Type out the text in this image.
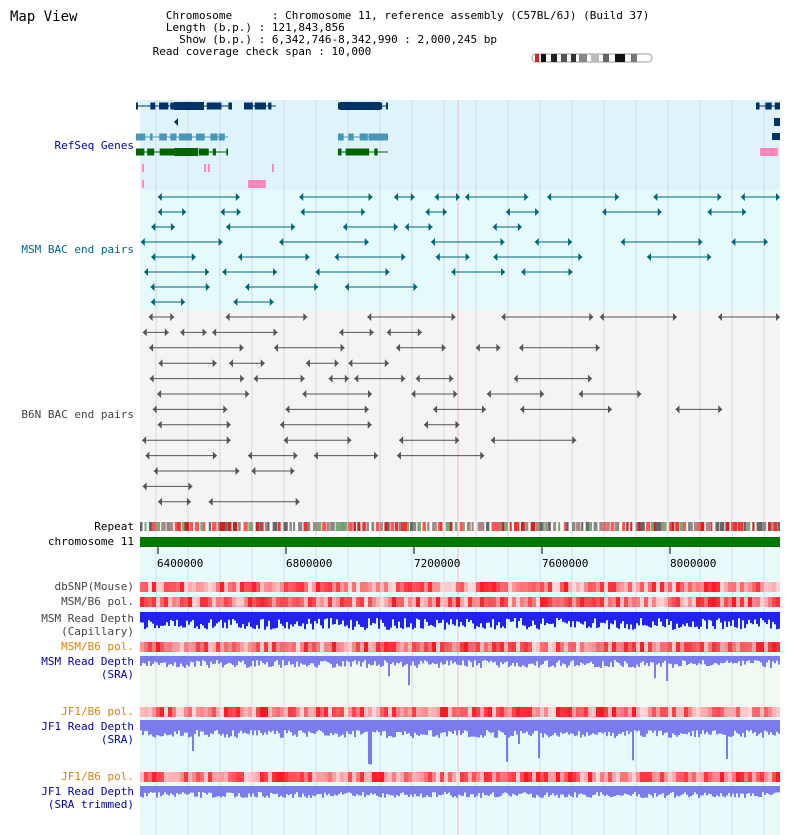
Map View	Chromosome      : Chromosome 11, reference assembly (C57BL/6J) (Build 37)
Length (b.p.) : 121,843,856
Show (b.p.) : 6,342,746-8,342,990 : 2,000,245 bp
Read coverage check span : 10,000
RefSeq Genes
MSM BAC end pairs
B6N BAC end pairs
Repeat
chromosome 11
dbSNP(Mouse)
MSM/B6 pol.
MSM Read Depth
(Capillary)
MSM/B6 pol.
MSM Read Depth
(SRA)
JF1/B6 pol.
JF1 Read Depth
(SRA)
JF1/B6 pol.
JF1 Read Depth
(SRA trimmed)
6400000	6800000	7200000	7600000	8000000
